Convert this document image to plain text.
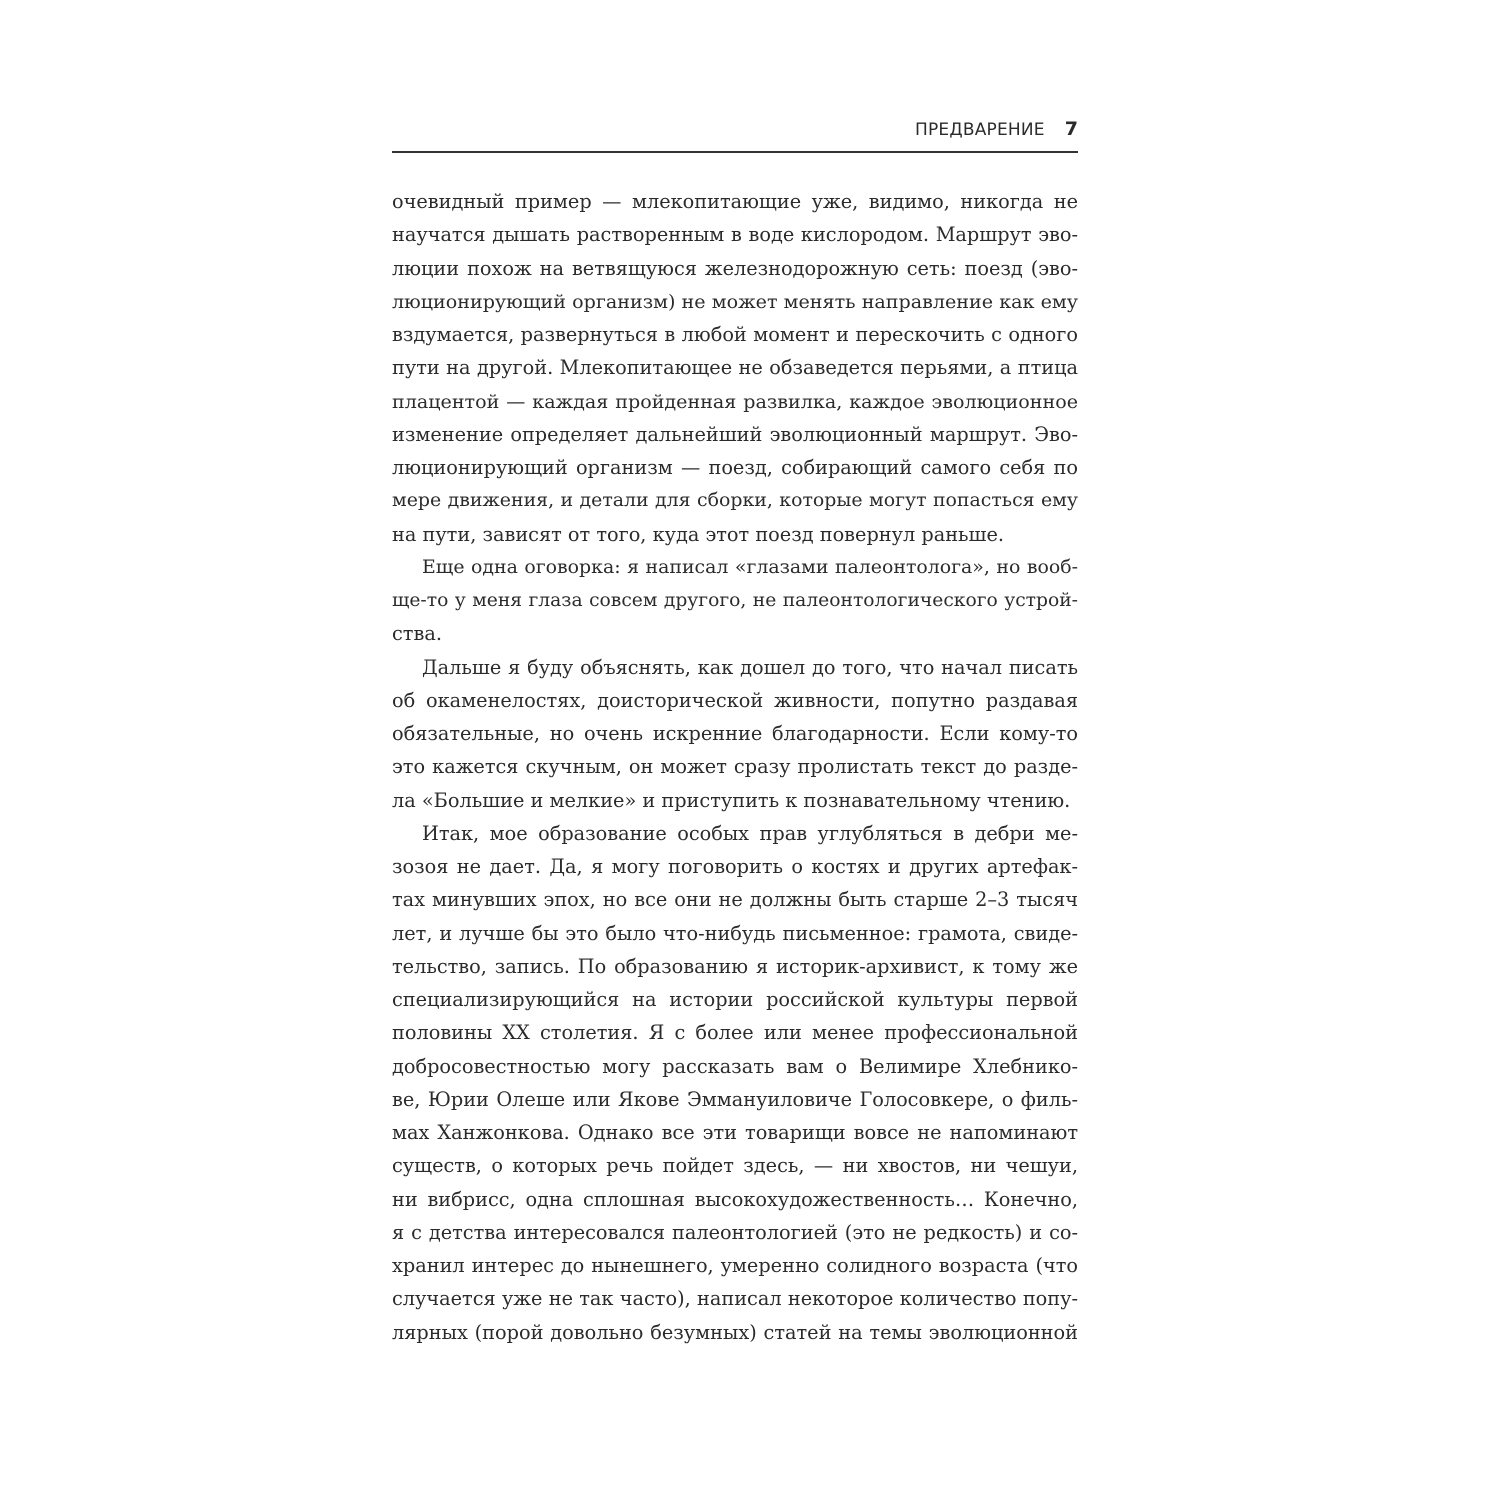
ПРЕДВАРЕНИЕ 7
очевидный пример — млекопитающие уже, видимо, никогда не
научатся дышать растворенным в воде кислородом. Маршрут эво-
люции похож на ветвящуюся железнодорожную сеть: поезд (эво-
люционирующий организм) не может менять направление как ему
вздумается, развернуться в любой момент и перескочить с одного
пути на другой. Млекопитающее не обзаведется перьями, а птица
плацентой — каждая пройденная развилка, каждое эволюционное
изменение определяет дальнейший эволюционный маршрут. Эво-
люционирующий организм — поезд, собирающий самого себя по
мере движения, и детали для сборки, которые могут попасться ему
на пути, зависят от того, куда этот поезд повернул раньше.
Еще одна оговорка: я написал «глазами палеонтолога», но вооб-
ще-то у меня глаза совсем другого, не палеонтологического устрой-
ства.
Дальше я буду объяснять, как дошел до того, что начал писать
об окаменелостях, доисторической живности, попутно раздавая
обязательные, но очень искренние благодарности. Если кому-то
это кажется скучным, он может сразу пролистать текст до разде-
ла «Большие и мелкие» и приступить к познавательному чтению.
Итак, мое образование особых прав углубляться в дебри ме-
зозоя не дает. Да, я могу поговорить о костях и других артефак-
тах минувших эпох, но все они не должны быть старше 2–3 тысяч
лет, и лучше бы это было что-нибудь письменное: грамота, свиде-
тельство, запись. По образованию я историк-архивист, к тому же
специализирующийся на истории российской культуры первой
половины XX столетия. Я с более или менее профессиональной
добросовестностью могу рассказать вам о Велимире Хлебнико-
ве, Юрии Олеше или Якове Эммануиловиче Голосовкере, о филь-
мах Ханжонкова. Однако все эти товарищи вовсе не напоминают
существ, о которых речь пойдет здесь, — ни хвостов, ни чешуи,
ни вибрисс, одна сплошная высокохудожественность… Конечно,
я с детства интересовался палеонтологией (это не редкость) и со-
хранил интерес до нынешнего, умеренно солидного возраста (что
случается уже не так часто), написал некоторое количество попу-
лярных (порой довольно безумных) статей на темы эволюционной
